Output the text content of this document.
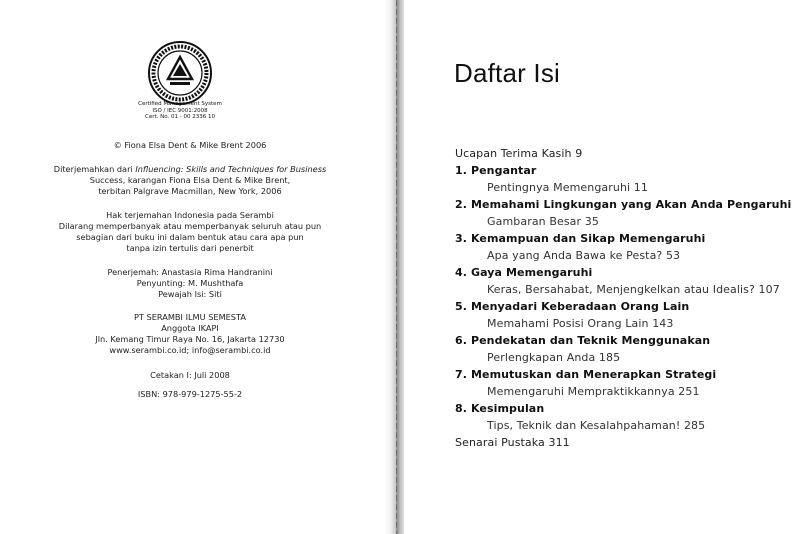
Certified Management System
ISO / IEC 9001:2008
Cert. No. 01 - 00 2336 10
© Fiona Elsa Dent & Mike Brent 2006
Diterjemahkan dari Influencing: Skills and Techniques for Business
Success, karangan Fiona Elsa Dent & Mike Brent,
terbitan Palgrave Macmillan, New York, 2006
Hak terjemahan Indonesia pada Serambi
Dilarang memperbanyak atau memperbanyak seluruh atau pun
sebagian dari buku ini dalam bentuk atau cara apa pun
tanpa izin tertulis dari penerbit
Penerjemah: Anastasia Rima Handranini
Penyunting: M. Mushthafa
Pewajah Isi: Siti
PT SERAMBI ILMU SEMESTA
Anggota IKAPI
Jln. Kemang Timur Raya No. 16, Jakarta 12730
www.serambi.co.id; info@serambi.co.id
Cetakan I: Juli 2008
ISBN: 978-979-1275-55-2
Daftar Isi
Ucapan Terima Kasih 9
1. Pengantar
Pentingnya Memengaruhi 11
2. Memahami Lingkungan yang Akan Anda Pengaruhi
Gambaran Besar 35
3. Kemampuan dan Sikap Memengaruhi
Apa yang Anda Bawa ke Pesta? 53
4. Gaya Memengaruhi
Keras, Bersahabat, Menjengkelkan atau Idealis? 107
5. Menyadari Keberadaan Orang Lain
Memahami Posisi Orang Lain 143
6. Pendekatan dan Teknik Menggunakan
Perlengkapan Anda 185
7. Memutuskan dan Menerapkan Strategi
Memengaruhi Mempraktikkannya 251
8. Kesimpulan
Tips, Teknik dan Kesalahpahaman! 285
Senarai Pustaka 311
